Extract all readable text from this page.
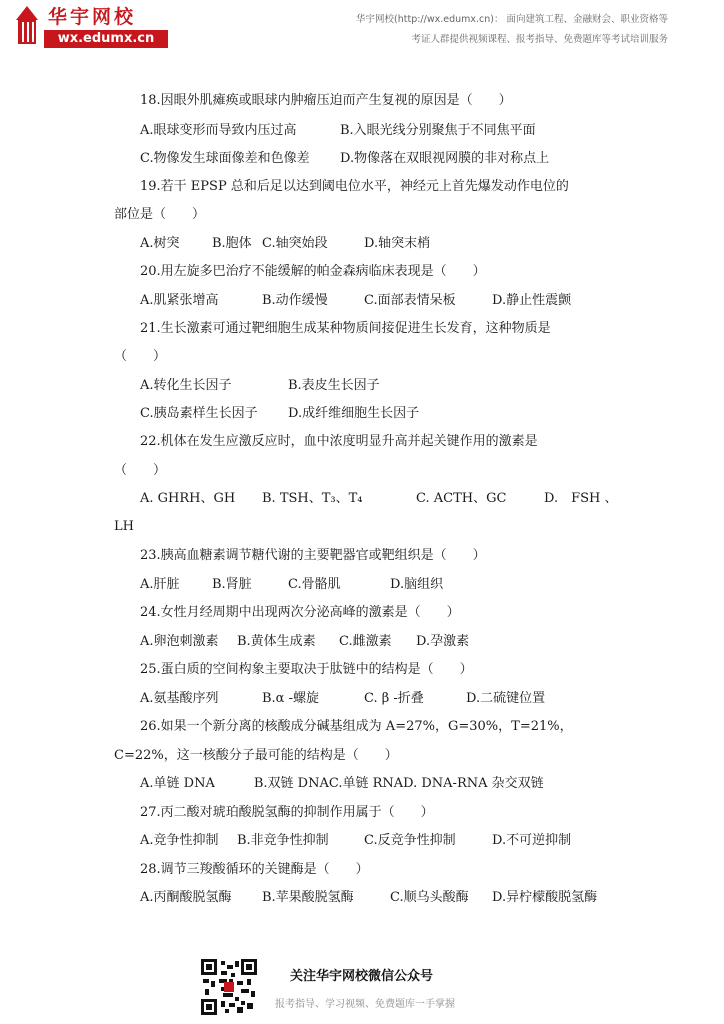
华宇网校
wx.edumx.cn
华宇网校(http://wx.edumx.cn)： 面向建筑工程、金融财会、职业资格等
考证人群提供视频课程、报考指导、免费题库等考试培训服务
18.因眼外肌瘫痪或眼球内肿瘤压迫而产生复视的原因是（　　）
A.眼球变形而导致内压过高	B.入眼光线分别聚焦于不同焦平面
C.物像发生球面像差和色像差 D.物像落在双眼视网膜的非对称点上
19.若干 EPSP 总和后足以达到阈电位水平，神经元上首先爆发动作电位的
部位是（　　）
A.树突 B.胞体 C.轴突始段	D.轴突末梢
20.用左旋多巴治疗不能缓解的帕金森病临床表现是（　　）
A.肌紧张增高	B.动作缓慢	C.面部表情呆板	D.静止性震颤
21.生长激素可通过靶细胞生成某种物质间接促进生长发育，这种物质是
（　　）
A.转化生长因子	B.表皮生长因子
C.胰岛素样生长因子 D.成纤维细胞生长因子
22.机体在发生应激反应时，血中浓度明显升高并起关键作用的激素是
（　　）
A. GHRH、GH B. TSH、T₃、T₄	C. ACTH、GC	D.　FSH 、
LH
23.胰高血糖素调节糖代谢的主要靶器官或靶组织是（　　）
A.肝脏 B.肾脏	C.骨骼肌	D.脑组织
24.女性月经周期中出现两次分泌高峰的激素是（　　）
A.卵泡刺激素 B.黄体生成素 C.雌激素 D.孕激素
25.蛋白质的空间构象主要取决于肽链中的结构是（　　）
A.氨基酸序列	B.α -螺旋	C. β -折叠	D.二硫键位置
26.如果一个新分离的核酸成分碱基组成为 A=27%，G=30%，T=21%，
C=22%，这一核酸分子最可能的结构是（　　）
A.单链 DNA　　　B.双链 DNAC.单链 RNAD. DNA-RNA 杂交双链
27.丙二酸对琥珀酸脱氢酶的抑制作用属于（　　）
A.竞争性抑制 B.非竞争性抑制	C.反竞争性抑制	D.不可逆抑制
28.调节三羧酸循环的关键酶是（　　）
A.丙酮酸脱氢酶 B.苹果酸脱氢酶	C.顺乌头酸酶 D.异柠檬酸脱氢酶
关注华宇网校微信公众号
报考指导、学习视频、免费题库一手掌握
